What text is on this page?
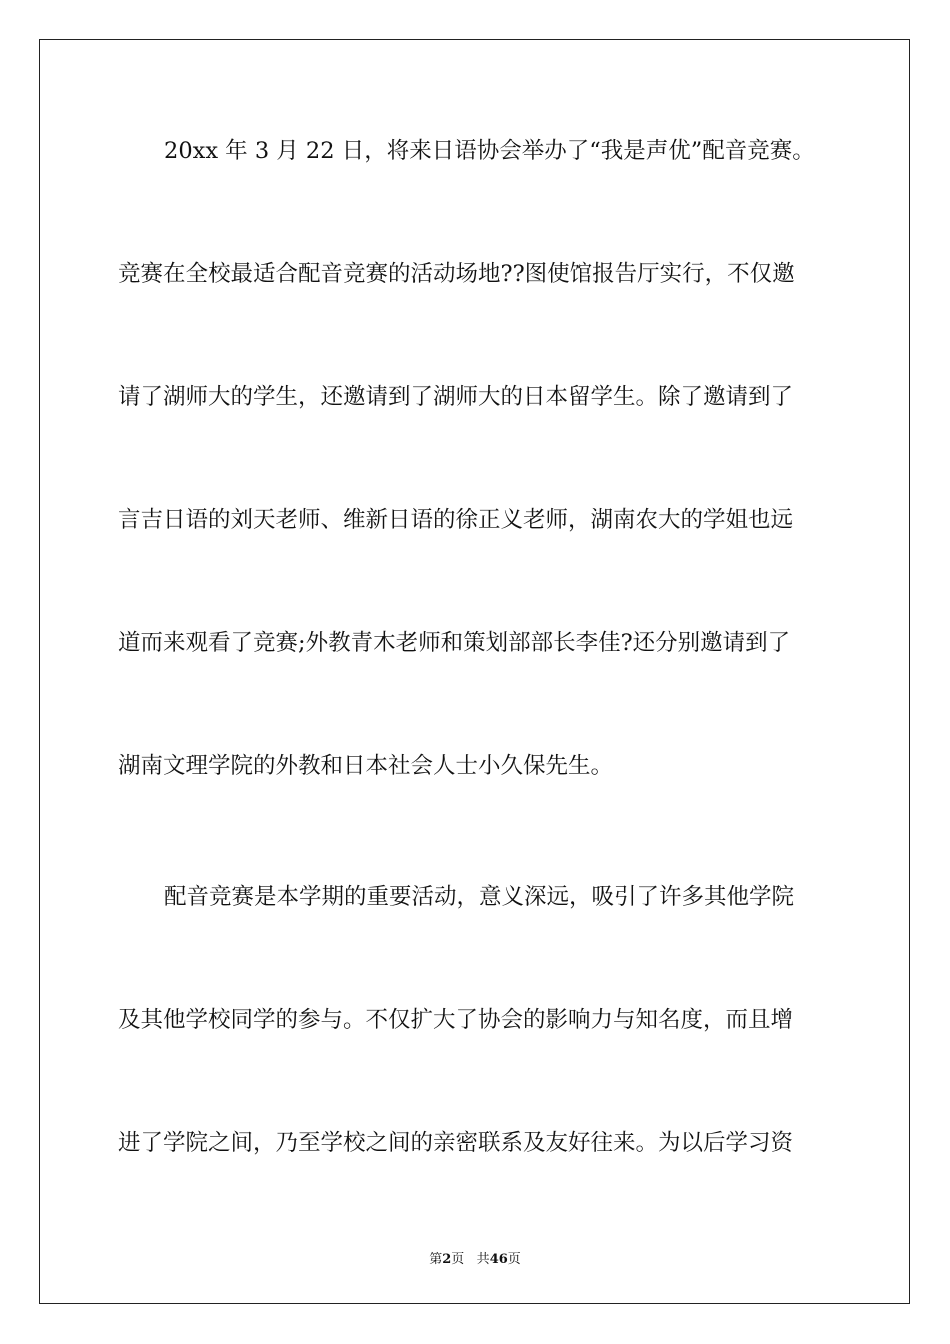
20xx 年 3 月 22 日，将来日语协会举办了“我是声优”配音竞赛。
竞赛在全校最适合配音竞赛的活动场地??图使馆报告厅实行，不仅邀
请了湖师大的学生，还邀请到了湖师大的日本留学生。除了邀请到了
言吉日语的刘天老师、维新日语的徐正义老师，湖南农大的学姐也远
道而来观看了竞赛;外教青木老师和策划部部长李佳?还分别邀请到了
湖南文理学院的外教和日本社会人士小久保先生。
配音竞赛是本学期的重要活动，意义深远，吸引了许多其他学院
及其他学校同学的参与。不仅扩大了协会的影响力与知名度，而且增
进了学院之间，乃至学校之间的亲密联系及友好往来。为以后学习资
第2页 共46页
